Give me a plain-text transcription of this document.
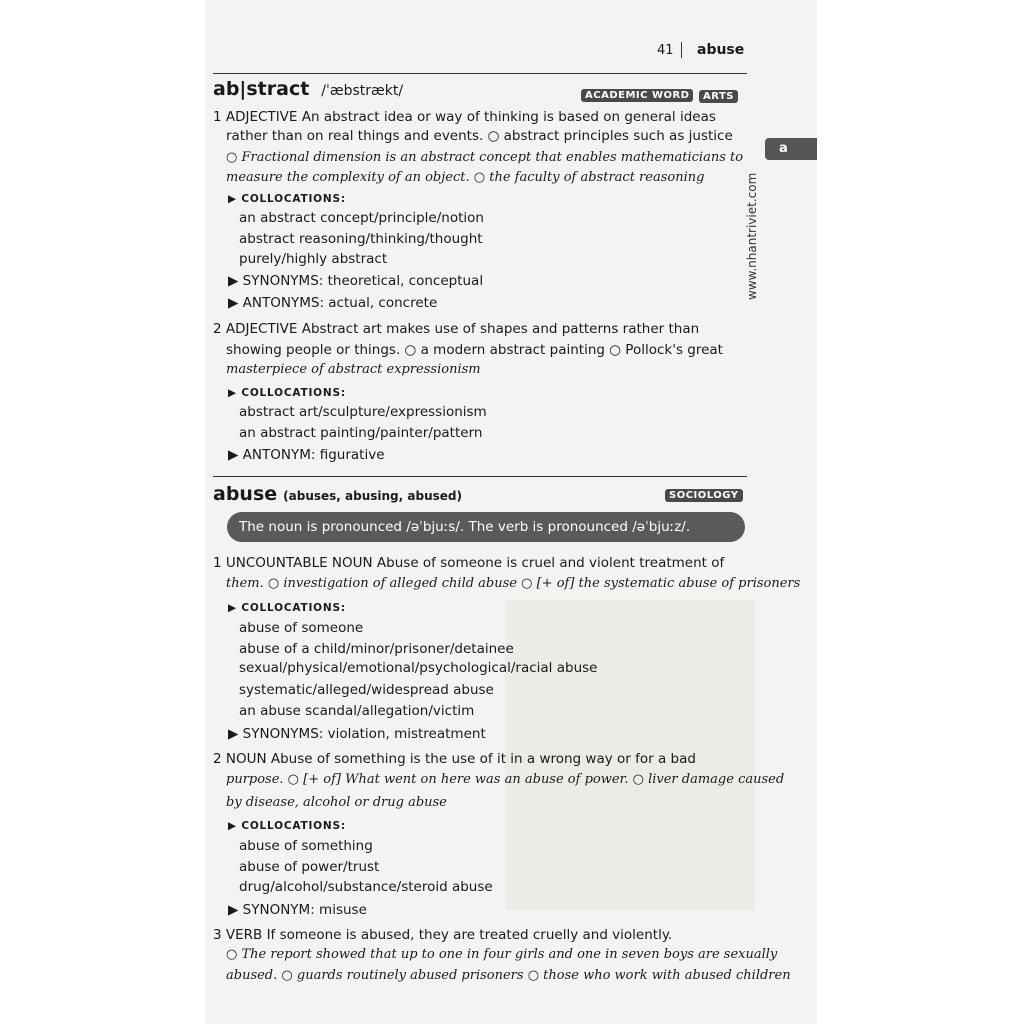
41 abuse
a
www.nhantriviet.com
ab|stract /ˈæbstrækt/	ACADEMIC WORD	ARTS
1 ADJECTIVE An abstract idea or way of thinking is based on general ideas
rather than on real things and events. ○ abstract principles such as justice
○ Fractional dimension is an abstract concept that enables mathematicians to
measure the complexity of an object. ○ the faculty of abstract reasoning
▶ COLLOCATIONS:
an abstract concept/principle/notion
abstract reasoning/thinking/thought
purely/highly abstract
▶ SYNONYMS: theoretical, conceptual
▶ ANTONYMS: actual, concrete
2 ADJECTIVE Abstract art makes use of shapes and patterns rather than
showing people or things. ○ a modern abstract painting ○ Pollock's great
masterpiece of abstract expressionism
▶ COLLOCATIONS:
abstract art/sculpture/expressionism
an abstract painting/painter/pattern
▶ ANTONYM: figurative
abuse (abuses, abusing, abused)	SOCIOLOGY
The noun is pronounced /əˈbjuːs/. The verb is pronounced /əˈbjuːz/.
1 UNCOUNTABLE NOUN Abuse of someone is cruel and violent treatment of
them. ○ investigation of alleged child abuse ○ [+ of] the systematic abuse of prisoners
▶ COLLOCATIONS:
abuse of someone
abuse of a child/minor/prisoner/detainee
sexual/physical/emotional/psychological/racial abuse
systematic/alleged/widespread abuse
an abuse scandal/allegation/victim
▶ SYNONYMS: violation, mistreatment
2 NOUN Abuse of something is the use of it in a wrong way or for a bad
purpose. ○ [+ of] What went on here was an abuse of power. ○ liver damage caused
by disease, alcohol or drug abuse
▶ COLLOCATIONS:
abuse of something
abuse of power/trust
drug/alcohol/substance/steroid abuse
▶ SYNONYM: misuse
3 VERB If someone is abused, they are treated cruelly and violently.
○ The report showed that up to one in four girls and one in seven boys are sexually
abused. ○ guards routinely abused prisoners ○ those who work with abused children
